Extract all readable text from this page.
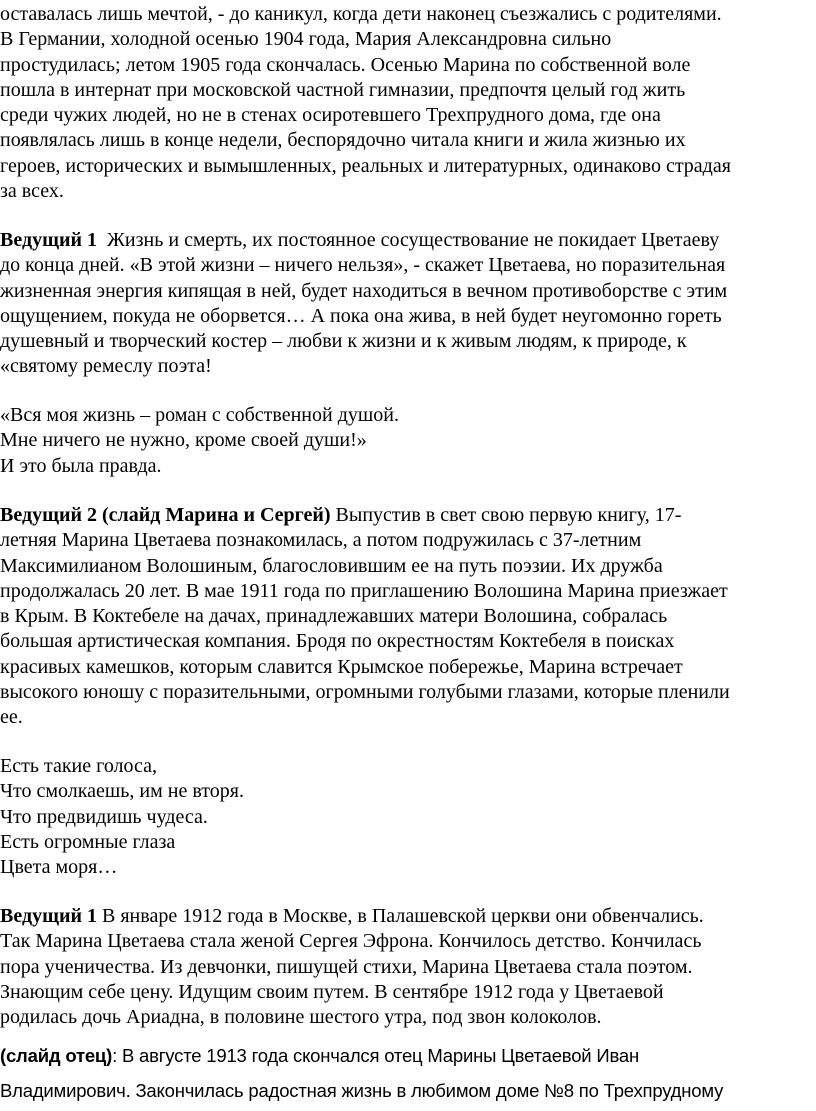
оставалась лишь мечтой, - до каникул, когда дети наконец съезжались с родителями.
В Германии, холодной осенью 1904 года, Мария Александровна сильно
простудилась; летом 1905 года скончалась. Осенью Марина по собственной воле
пошла в интернат при московской частной гимназии, предпочтя целый год жить
среди чужих людей, но не в стенах осиротевшего Трехпрудного дома, где она
появлялась лишь в конце недели, беспорядочно читала книги и жила жизнью их
героев, исторических и вымышленных, реальных и литературных, одинаково страдая
за всех.
Ведущий 1  Жизнь и смерть, их постоянное сосуществование не покидает Цветаеву
до конца дней. «В этой жизни – ничего нельзя», - скажет Цветаева, но поразительная
жизненная энергия кипящая в ней, будет находиться в вечном противоборстве с этим
ощущением, покуда не оборвется… А пока она жива, в ней будет неугомонно гореть
душевный и творческий костер – любви к жизни и к живым людям, к природе, к
«святому ремеслу поэта!
«Вся моя жизнь – роман с собственной душой.
Мне ничего не нужно, кроме своей души!»
И это была правда.
Ведущий 2 (слайд Марина и Сергей) Выпустив в свет свою первую книгу, 17-
летняя Марина Цветаева познакомилась, а потом подружилась с 37-летним
Максимилианом Волошиным, благословившим ее на путь поэзии. Их дружба
продолжалась 20 лет. В мае 1911 года по приглашению Волошина Марина приезжает
в Крым. В Коктебеле на дачах, принадлежавших матери Волошина, собралась
большая артистическая компания. Бродя по окрестностям Коктебеля в поисках
красивых камешков, которым славится Крымское побережье, Марина встречает
высокого юношу с поразительными, огромными голубыми глазами, которые пленили
ее.
Есть такие голоса,
Что смолкаешь, им не вторя.
Что предвидишь чудеса.
Есть огромные глаза
Цвета моря…
Ведущий 1 В январе 1912 года в Москве, в Палашевской церкви они обвенчались.
Так Марина Цветаева стала женой Сергея Эфрона. Кончилось детство. Кончилась
пора ученичества. Из девчонки, пишущей стихи, Марина Цветаева стала поэтом.
Знающим себе цену. Идущим своим путем. В сентябре 1912 года у Цветаевой
родилась дочь Ариадна, в половине шестого утра, под звон колоколов.
(слайд отец): В августе 1913 года скончался отец Марины Цветаевой Иван
Владимирович. Закончилась радостная жизнь в любимом доме №8 по Трехпрудному
